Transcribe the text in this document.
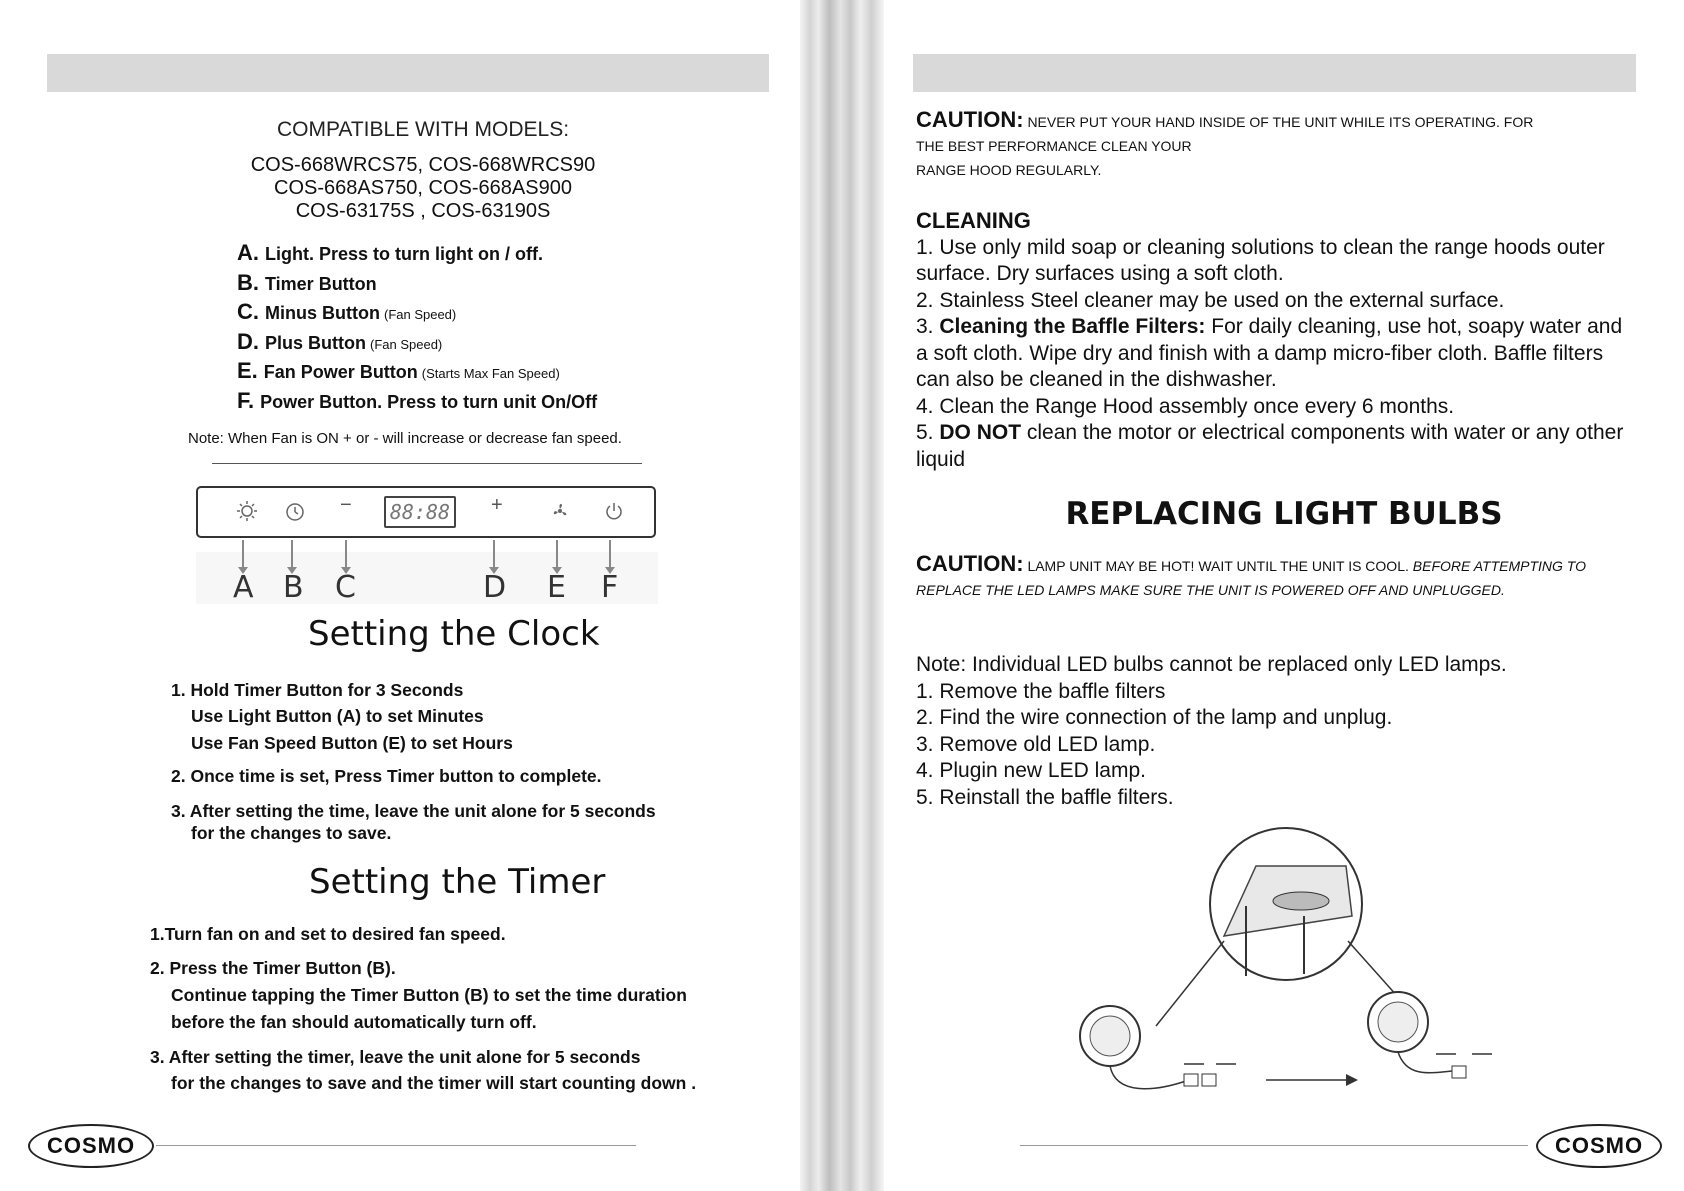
COMPATIBLE WITH MODELS:
COS-668WRCS75, COS-668WRCS90
COS-668AS750, COS-668AS900
COS-63175S , COS-63190S
A. Light. Press to turn light on / off.
B. Timer Button
C. Minus Button (Fan Speed)
D. Plus Button (Fan Speed)
E. Fan Power Button (Starts Max Fan Speed)
F. Power Button. Press to turn unit On/Off
Note: When Fan is ON + or - will increase or decrease fan speed.
− 88:88 +
A B C	D E F
Setting the Clock
1. Hold Timer Button for 3 Seconds
Use Light Button (A) to set Minutes
Use Fan Speed Button (E) to set Hours
2. Once time is set, Press Timer button to complete.
3. After setting the time, leave the unit alone for 5 seconds
for the changes to save.
Setting the Timer
1.Turn fan on and set to desired fan speed.
2. Press the Timer Button (B).
Continue tapping the Timer Button (B) to set the time duration
before the fan should automatically turn off.
3. After setting the timer, leave the unit alone for 5 seconds
for the changes to save and the timer will start counting down .
COSMO
CAUTION: NEVER PUT YOUR HAND INSIDE OF THE UNIT WHILE ITS OPERATING. FOR
THE BEST PERFORMANCE CLEAN YOUR
RANGE HOOD REGULARLY.
CLEANING
1. Use only mild soap or cleaning solutions to clean the range hoods outer surface. Dry surfaces using a soft cloth.
2. Stainless Steel cleaner may be used on the external surface.
3. Cleaning the Baffle Filters: For daily cleaning, use hot, soapy water and a soft cloth. Wipe dry and finish with a damp micro-fiber cloth. Baffle filters can also be cleaned in the dishwasher.
4. Clean the Range Hood assembly once every 6 months.
5. DO NOT clean the motor or electrical components with water or any other liquid
REPLACING LIGHT BULBS
CAUTION: LAMP UNIT MAY BE HOT! WAIT UNTIL THE UNIT IS COOL. BEFORE ATTEMPTING TO REPLACE THE LED LAMPS MAKE SURE THE UNIT IS POWERED OFF AND UNPLUGGED.
Note: Individual LED bulbs cannot be replaced only LED lamps.
1. Remove the baffle filters
2. Find the wire connection of the lamp and unplug.
3. Remove old LED lamp.
4. Plugin new LED lamp.
5. Reinstall the baffle filters.
COSMO
